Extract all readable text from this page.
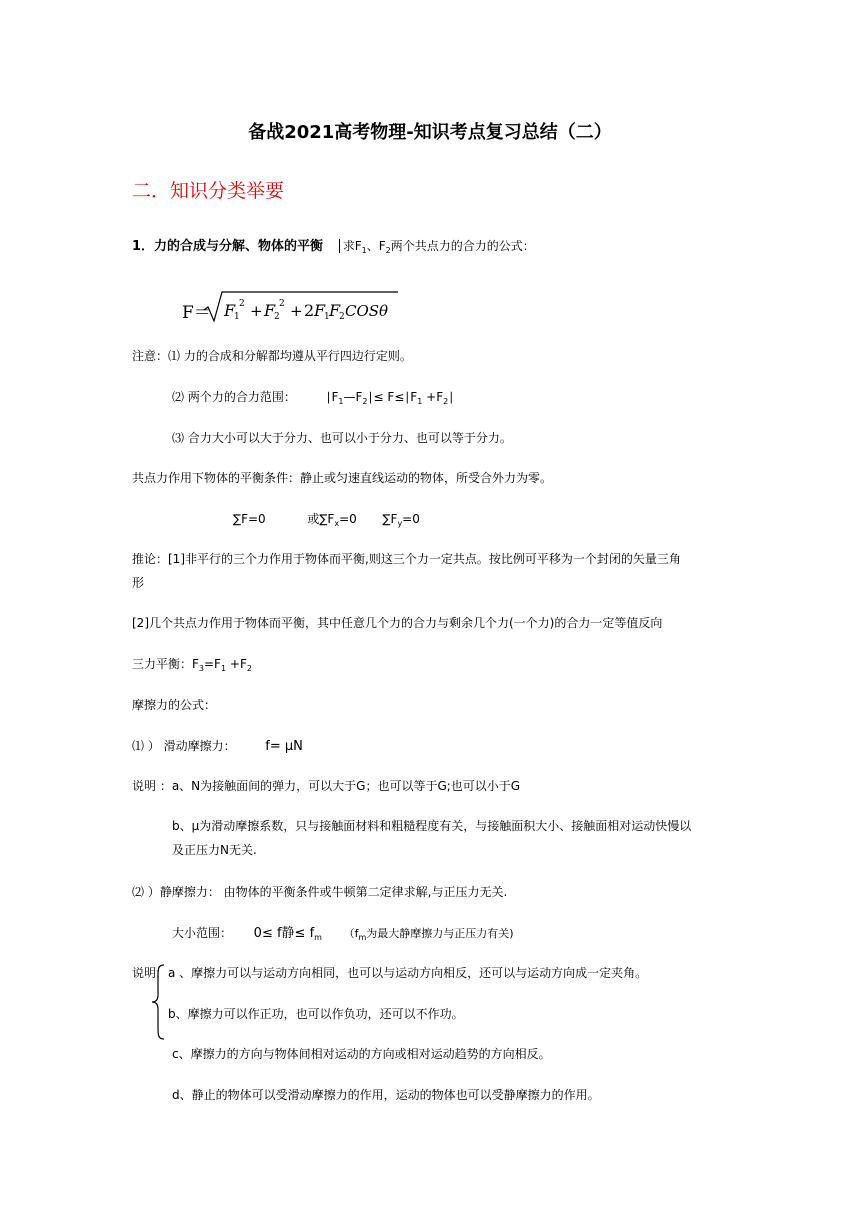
备战2021高考物理-知识考点复习总结（二）
二．知识分类举要
1．力的合成与分解、物体的平衡 求$F_1$、$F_2$两个共点力的合力的公式：
F＝ F
1
2 + F
2
2 + 2 F
1 F
2 COSθ
注意：⑴ 力的合成和分解都均遵从平行四边行定则。
⑵ 两个力的合力范围： $∣F_1—F_2∣\le$ $F\le∣F_1$ $+F_2∣$
⑶ 合力大小可以大于分力、也可以小于分力、也可以等于分力。
共点力作用下物体的平衡条件：静止或匀速直线运动的物体，所受合外力为零。
∑F=0	或$\sum F_x=0$ $\sum F_y=0$
推论：[1]非平行的三个力作用于物体而平衡,则这三个力一定共点。按比例可平移为一个封闭的矢量三角
形
[2]几个共点力作用于物体而平衡，其中任意几个力的合力与剩余几个力(一个力)的合力一定等值反向
三力平衡：$F_3=F_1 +F_2$
摩擦力的公式：
⑴ ） 滑动摩擦力： f= μN
说明 ：a、N为接触面间的弹力，可以大于G；也可以等于G;也可以小于G
b、μ为滑动摩擦系数，只与接触面材料和粗糙程度有关，与接触面积大小、接触面相对运动快慢以
及正压力N无关.
⑵ ）静摩擦力： 由物体的平衡条件或牛顿第二定律求解,与正压力无关.
大小范围： 0≤ f静≤ $f_m$ （$f_m$为最大静摩擦力与正压力有关)
说明: a 、摩擦力可以与运动方向相同，也可以与运动方向相反，还可以与运动方向成一定夹角。
b、摩擦力可以作正功，也可以作负功，还可以不作功。
c、摩擦力的方向与物体间相对运动的方向或相对运动趋势的方向相反。
d、静止的物体可以受滑动摩擦力的作用，运动的物体也可以受静摩擦力的作用。
